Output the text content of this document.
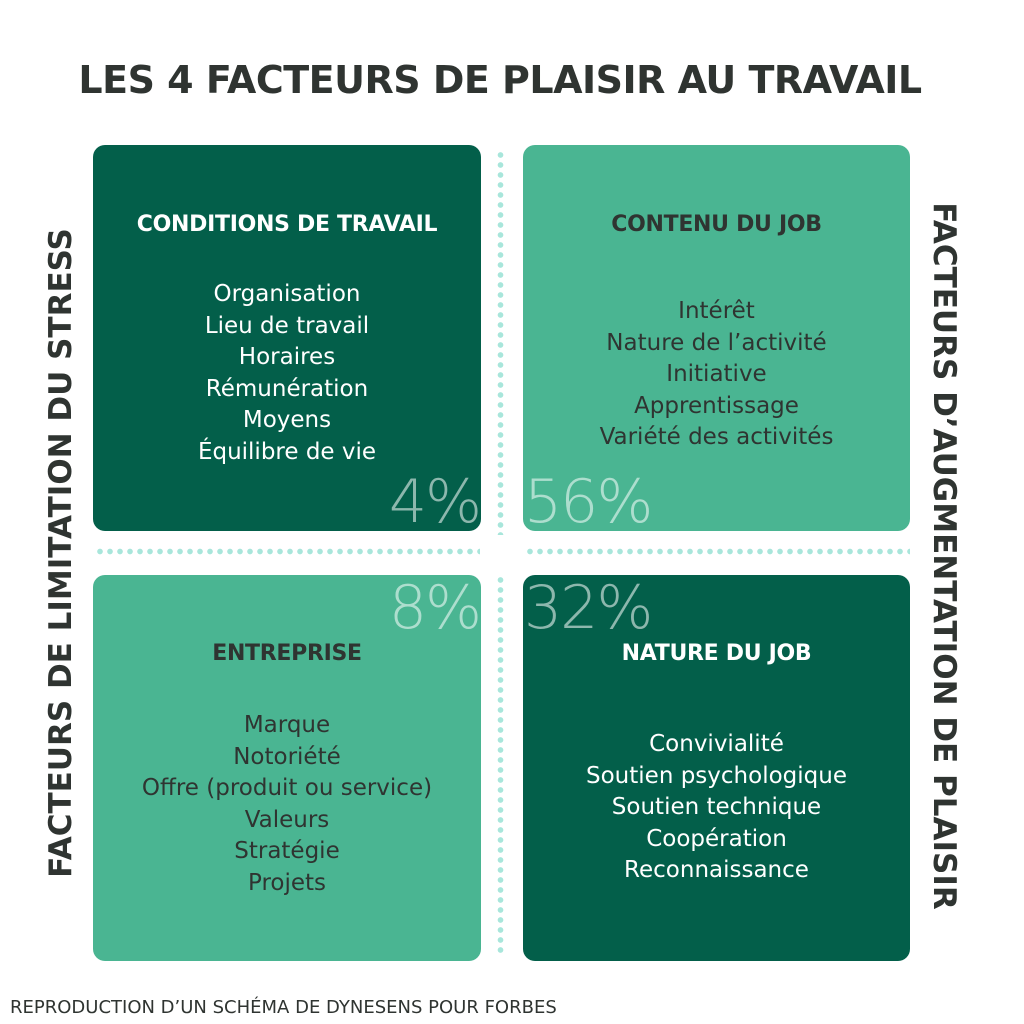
LES 4 FACTEURS DE PLAISIR AU TRAVAIL
FACTEURS DE LIMITATION DU STRESS	FACTEURS D’AUGMENTATION DE PLAISIR
CONDITIONS DE TRAVAIL
Organisation
Lieu de travail
Horaires
Rémunération
Moyens
Équilibre de vie
CONTENU DU JOB
Intérêt
Nature de l’activité
Initiative
Apprentissage
Variété des activités
ENTREPRISE
Marque
Notoriété
Offre (produit ou service)
Valeurs
Stratégie
Projets
NATURE DU JOB
Convivialité
Soutien psychologique
Soutien technique
Coopération
Reconnaissance
4% 56%
8% 32%
REPRODUCTION D’UN SCHÉMA DE DYNESENS POUR FORBES
